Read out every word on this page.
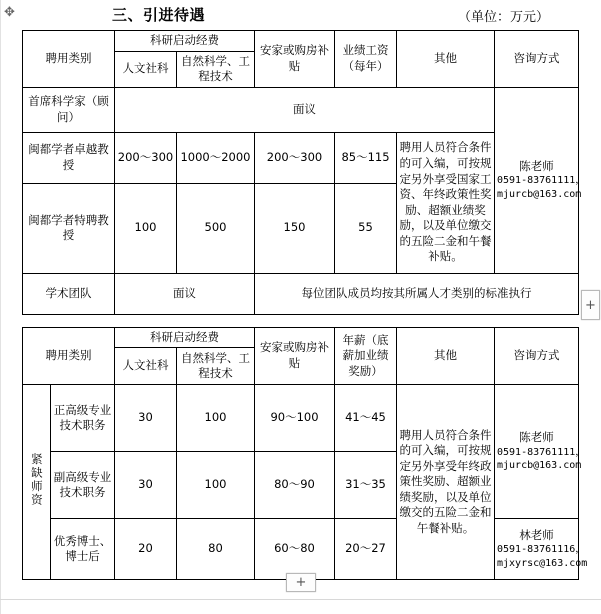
✥	三、引进待遇	（单位：万元）
聘用类别	科研启动经费		安家或购房补贴	业绩工资（每年）	其他	咨询方式
	人文社科	自然科学、工程技术				
首席科学家（顾问）	面议					陈老师
0591-83761111，
mjurcb@163.com

闽都学者卓越教授	200～300	1000～2000	200～300	85～115	聘用人员符合条件的可入编，可按规定另外享受国家工资、年终政策性奖励、超额业绩奖励，以及单位缴交的五险二金和午餐补贴。	
闽都学者特聘教授	100	500	150	55		
学术团队	面议		每位团队成员均按其所属人才类别的标准执行			
聘用类别		科研启动经费		安家或购房补贴	年薪（底薪加业绩奖励）	其他	咨询方式
		人文社科	自然科学、工程技术				
紧缺师资	正高级专业技术职务	30	100	90～100	41～45	聘用人员符合条件的可入编，可按规定另外享受年终政策性奖励、超额业绩奖励，以及单位缴交的五险二金和午餐补贴。	陈老师
0591-83761111，
mjurcb@163.com

	副高级专业技术职务	30	100	80～90	31～35		
	优秀博士、博士后	20	80	60～80	20～27		林老师
0591-83761116，
mjxyrsc@163.com
+
+
